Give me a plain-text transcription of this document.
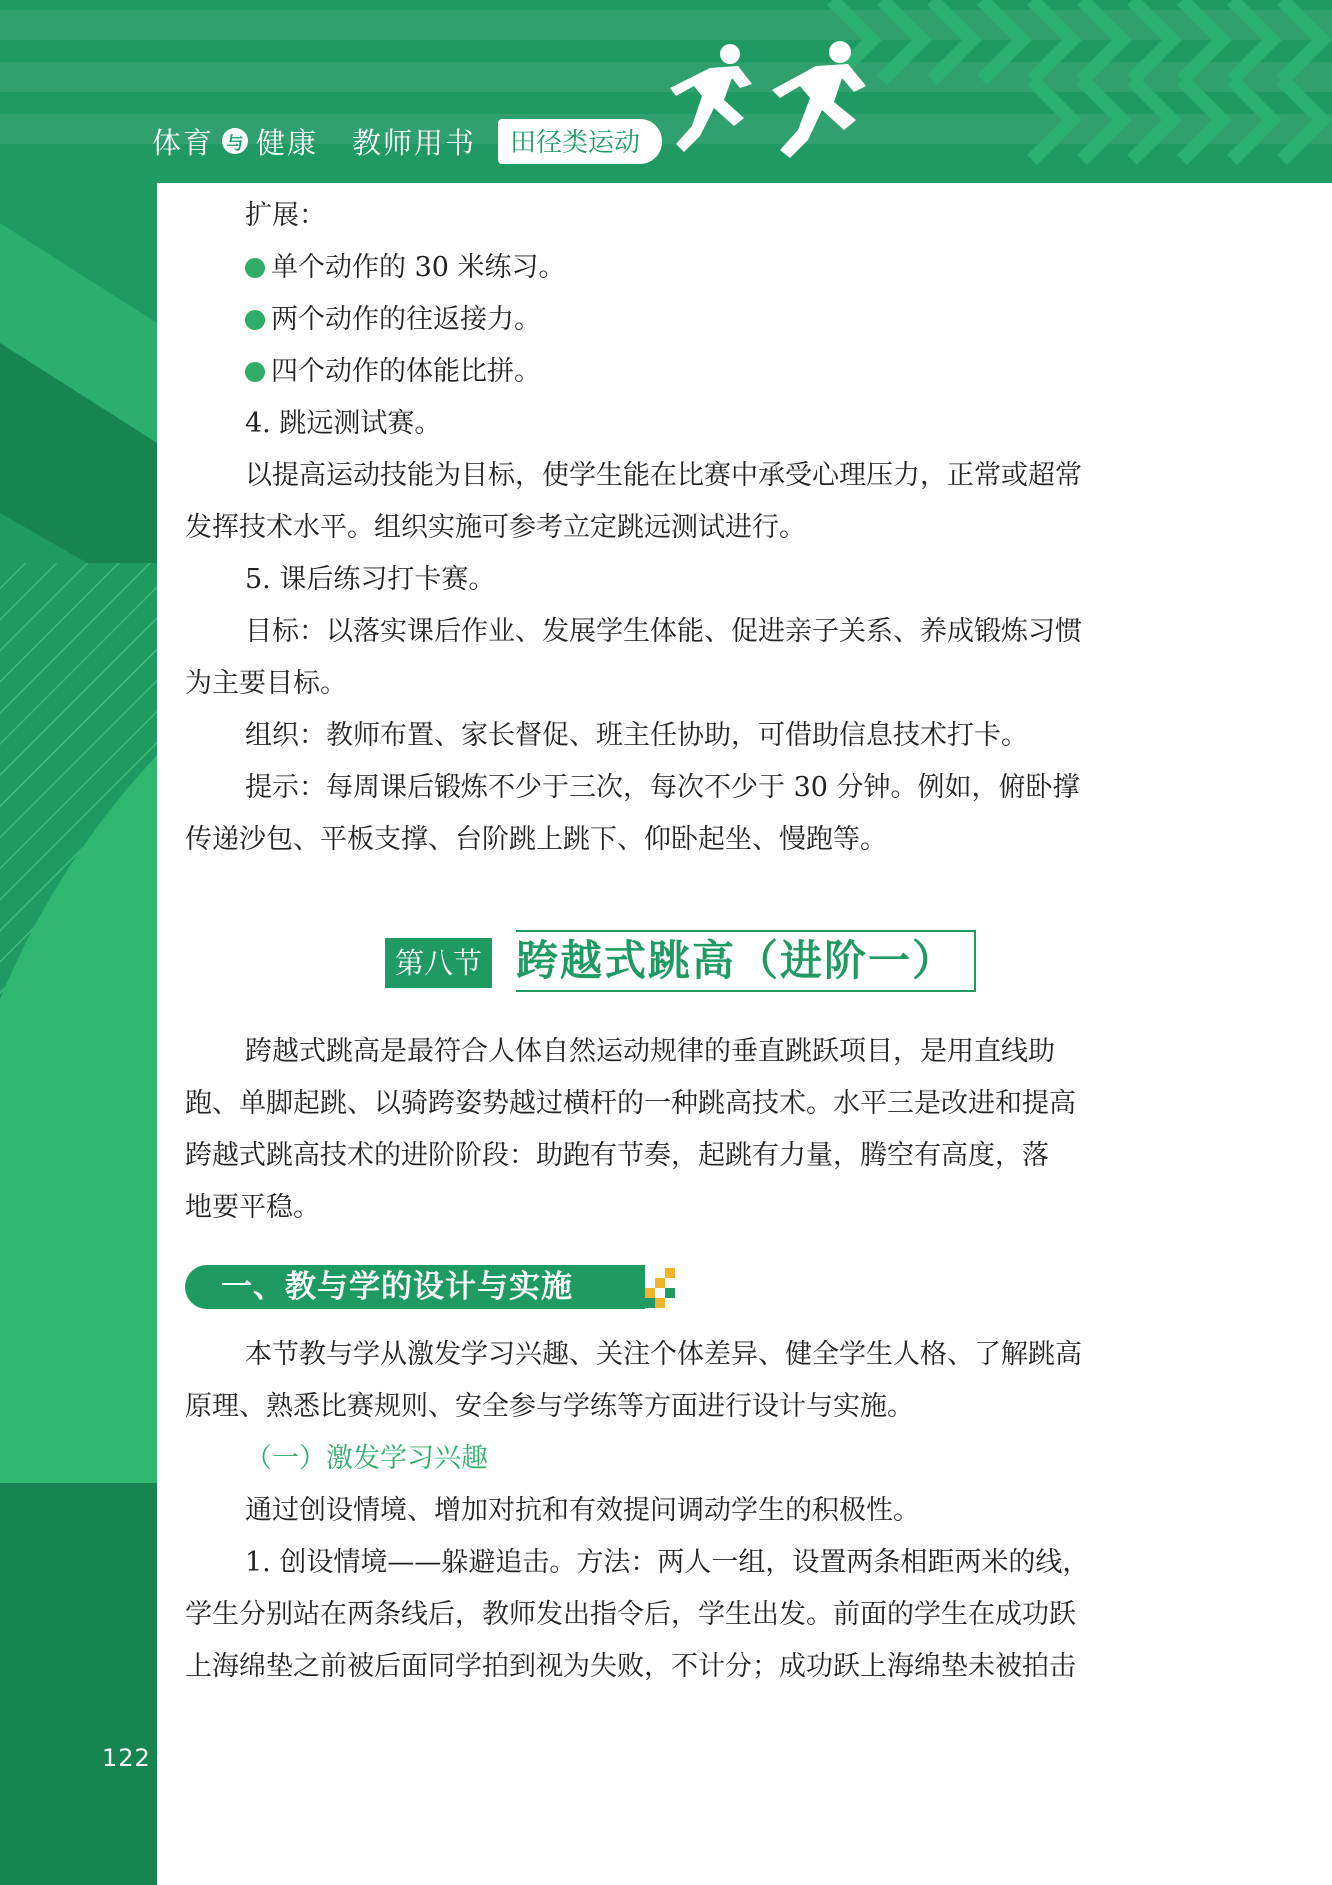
体育 与 健康 教师用书	田径类运动
122

扩展：

单个动作的 30 米练习。

两个动作的往返接力。

四个动作的体能比拼。

4. 跳远测试赛。

以提高运动技能为目标，使学生能在比赛中承受心理压力，正常或超常

发挥技术水平。组织实施可参考立定跳远测试进行。

5. 课后练习打卡赛。

目标：以落实课后作业、发展学生体能、促进亲子关系、养成锻炼习惯

为主要目标。

组织：教师布置、家长督促、班主任协助，可借助信息技术打卡。

提示：每周课后锻炼不少于三次，每次不少于 30 分钟。例如，俯卧撑

传递沙包、平板支撑、台阶跳上跳下、仰卧起坐、慢跑等。

第八节 跨越式跳高（进阶一）

跨越式跳高是最符合人体自然运动规律的垂直跳跃项目，是用直线助

跑、单脚起跳、以骑跨姿势越过横杆的一种跳高技术。水平三是改进和提高

跨越式跳高技术的进阶阶段：助跑有节奏，起跳有力量，腾空有高度，落

地要平稳。

一、教与学的设计与实施

本节教与学从激发学习兴趣、关注个体差异、健全学生人格、了解跳高

原理、熟悉比赛规则、安全参与学练等方面进行设计与实施。

（一）激发学习兴趣

通过创设情境、增加对抗和有效提问调动学生的积极性。

1. 创设情境——躲避追击。方法：两人一组，设置两条相距两米的线，

学生分别站在两条线后，教师发出指令后，学生出发。前面的学生在成功跃

上海绵垫之前被后面同学拍到视为失败，不计分；成功跃上海绵垫未被拍击
